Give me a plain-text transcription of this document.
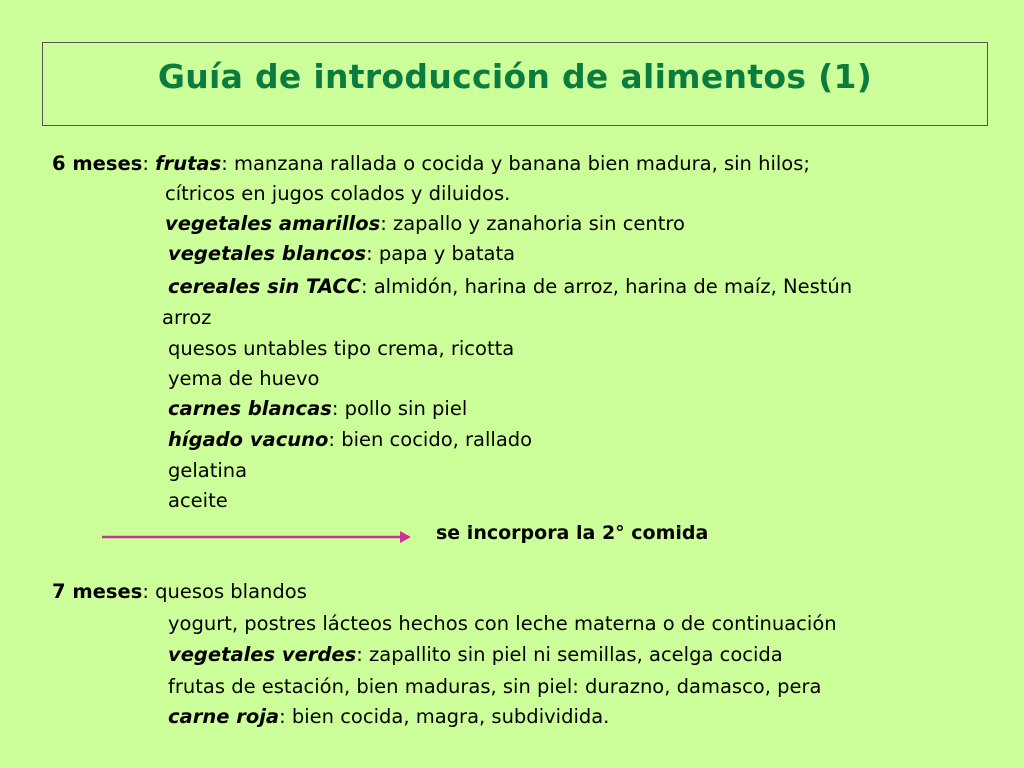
Guía de introducción de alimentos (1)
6 meses: frutas: manzana rallada o cocida y banana bien madura, sin hilos;
cítricos en jugos colados y diluidos.
vegetales amarillos: zapallo y zanahoria sin centro
vegetales blancos: papa y batata
cereales sin TACC: almidón, harina de arroz, harina de maíz, Nestún
arroz
quesos untables tipo crema, ricotta
yema de huevo
carnes blancas: pollo sin piel
hígado vacuno: bien cocido, rallado
gelatina
aceite
se incorpora la 2° comida
7 meses: quesos blandos
yogurt, postres lácteos hechos con leche materna o de continuación
vegetales verdes: zapallito sin piel ni semillas, acelga cocida
frutas de estación, bien maduras, sin piel: durazno, damasco, pera
carne roja: bien cocida, magra, subdividida.
